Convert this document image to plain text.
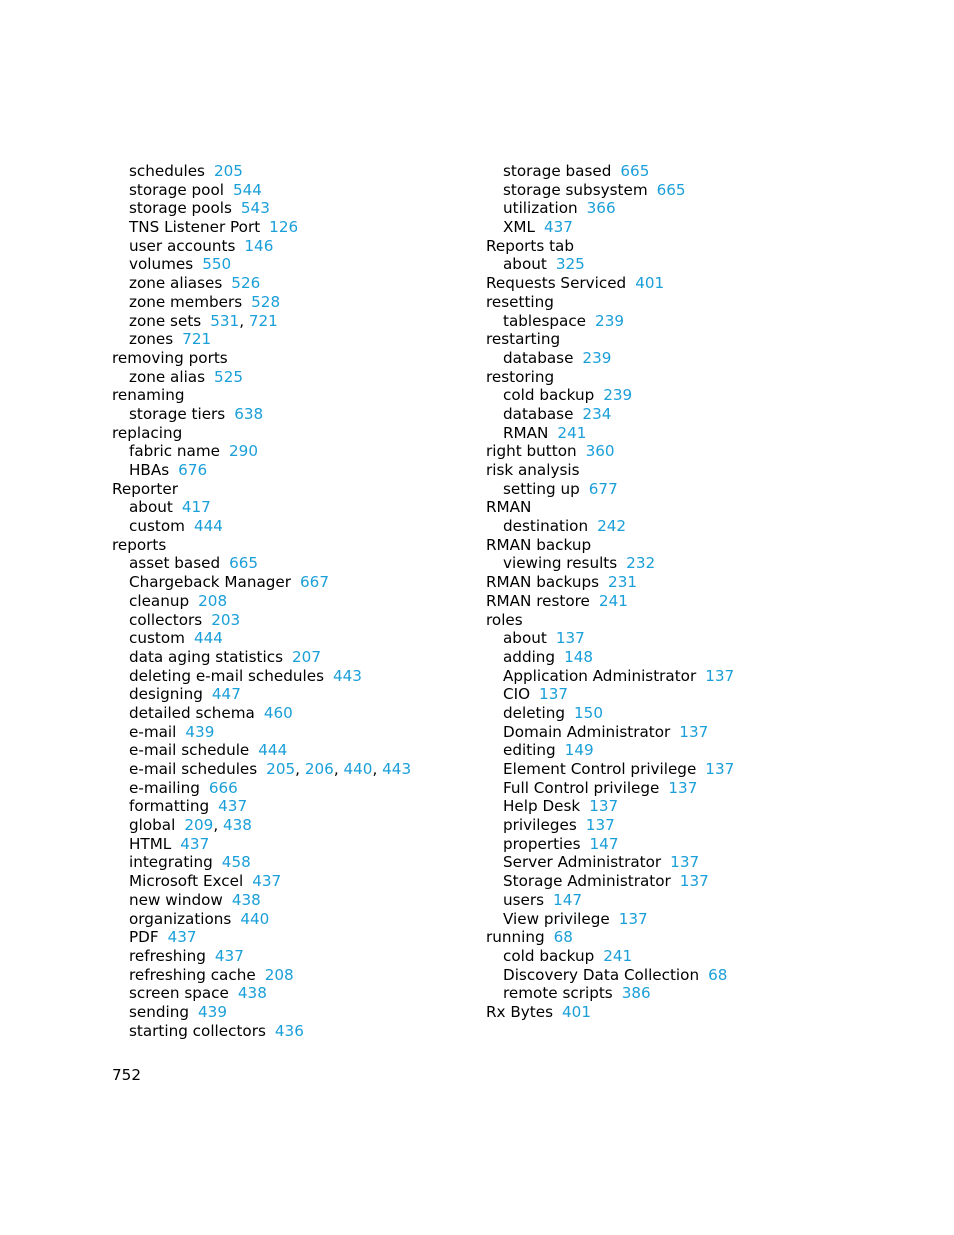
schedules 205
storage pool 544
storage pools 543
TNS Listener Port 126
user accounts 146
volumes 550
zone aliases 526
zone members 528
zone sets 531, 721
zones 721
removing ports
zone alias 525
renaming
storage tiers 638
replacing
fabric name 290
HBAs 676
Reporter
about 417
custom 444
reports
asset based 665
Chargeback Manager 667
cleanup 208
collectors 203
custom 444
data aging statistics 207
deleting e-mail schedules 443
designing 447
detailed schema 460
e-mail 439
e-mail schedule 444
e-mail schedules 205, 206, 440, 443
e-mailing 666
formatting 437
global 209, 438
HTML 437
integrating 458
Microsoft Excel 437
new window 438
organizations 440
PDF 437
refreshing 437
refreshing cache 208
screen space 438
sending 439
starting collectors 436
storage based 665
storage subsystem 665
utilization 366
XML 437
Reports tab
about 325
Requests Serviced 401
resetting
tablespace 239
restarting
database 239
restoring
cold backup 239
database 234
RMAN 241
right button 360
risk analysis
setting up 677
RMAN
destination 242
RMAN backup
viewing results 232
RMAN backups 231
RMAN restore 241
roles
about 137
adding 148
Application Administrator 137
CIO 137
deleting 150
Domain Administrator 137
editing 149
Element Control privilege 137
Full Control privilege 137
Help Desk 137
privileges 137
properties 147
Server Administrator 137
Storage Administrator 137
users 147
View privilege 137
running 68
cold backup 241
Discovery Data Collection 68
remote scripts 386
Rx Bytes 401
752
